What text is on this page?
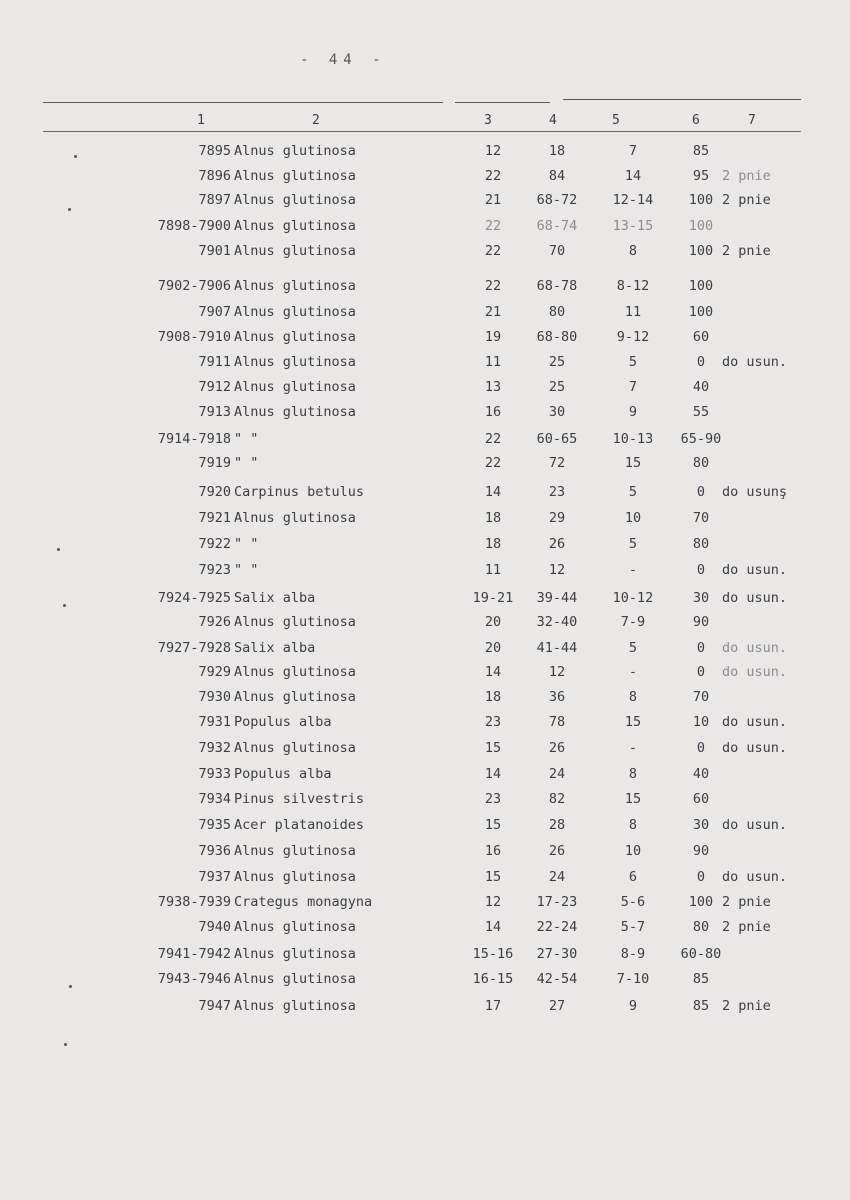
- 44 -
1	2	3	4	5	6	7
7895 Alnus glutinosa	12	18	7	85
7896 Alnus glutinosa	22	84	14	95 2 pnie
7897 Alnus glutinosa	21	68-72	12-14	100 2 pnie
7898-7900 Alnus glutinosa	22	68-74	13-15	100
7901 Alnus glutinosa	22	70	8	100 2 pnie
7902-7906 Alnus glutinosa	22	68-78	8-12	100
7907 Alnus glutinosa	21	80	11	100
7908-7910 Alnus glutinosa	19	68-80	9-12	60
7911 Alnus glutinosa	11	25	5	0	do usun.
7912 Alnus glutinosa	13	25	7	40
7913 Alnus glutinosa	16	30	9	55
7914-7918 " "	22	60-65	10-13	65-90
7919 " "	22	72	15	80
7920 Carpinus betulus	14	23	5	0	do usunş
7921 Alnus glutinosa	18	29	10	70
7922 " "	18	26	5	80
7923 " "	11	12	-	0	do usun.
7924-7925 Salix alba	19-21	39-44	10-12	30 do usun.
7926 Alnus glutinosa	20	32-40	7-9	90
7927-7928 Salix alba	20	41-44	5	0	do usun.
7929 Alnus glutinosa	14	12	-	0	do usun.
7930 Alnus glutinosa	18	36	8	70
7931 Populus alba	23	78	15	10 do usun.
7932 Alnus glutinosa	15	26	-	0	do usun.
7933 Populus alba	14	24	8	40
7934 Pinus silvestris	23	82	15	60
7935 Acer platanoides	15	28	8	30 do usun.
7936 Alnus glutinosa	16	26	10	90
7937 Alnus glutinosa	15	24	6	0	do usun.
7938-7939 Crategus monagyna	12	17-23	5-6	100 2 pnie
7940 Alnus glutinosa	14	22-24	5-7	80 2 pnie
7941-7942 Alnus glutinosa	15-16	27-30	8-9	60-80
7943-7946 Alnus glutinosa	16-15	42-54	7-10	85
7947 Alnus glutinosa	17	27	9	85 2 pnie
